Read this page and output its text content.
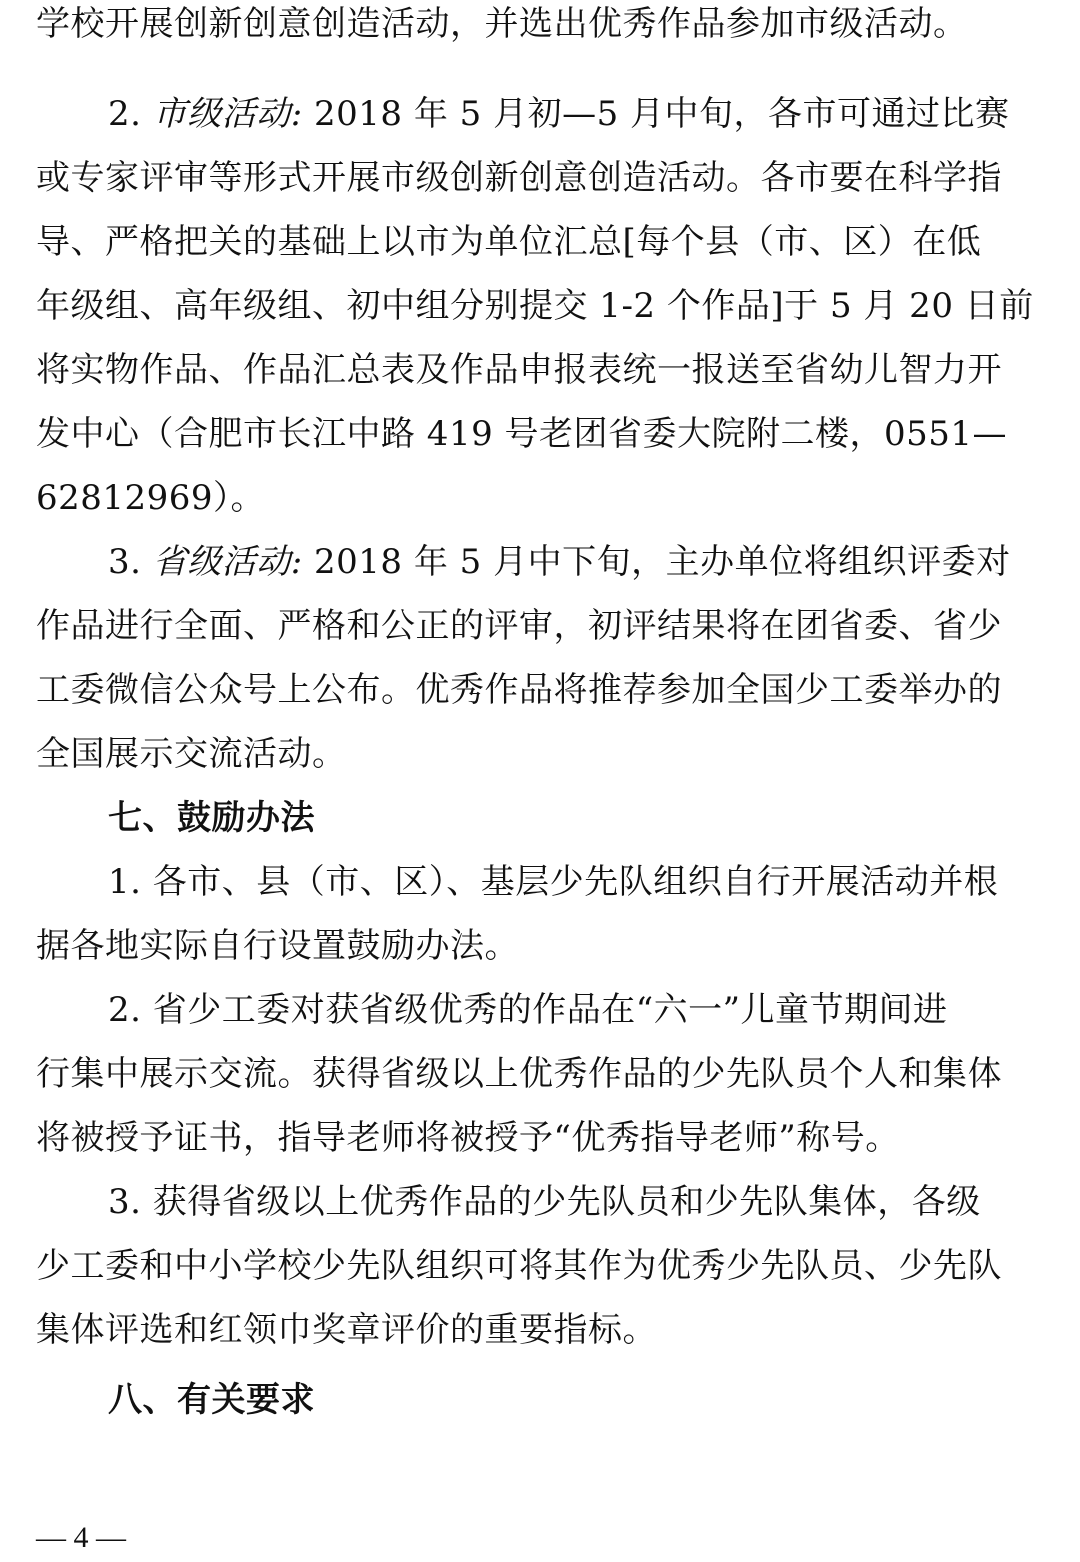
学校开展创新创意创造活动，并选出优秀作品参加市级活动。
2. 市级活动: 2018 年 5 月初—5 月中旬，各市可通过比赛
或专家评审等形式开展市级创新创意创造活动。各市要在科学指
导、严格把关的基础上以市为单位汇总[每个县（市、区）在低
年级组、高年级组、初中组分别提交 1-2 个作品]于 5 月 20 日前
将实物作品、作品汇总表及作品申报表统一报送至省幼儿智力开
发中心（合肥市长江中路 419 号老团省委大院附二楼，0551—
62812969）。
3. 省级活动: 2018 年 5 月中下旬，主办单位将组织评委对
作品进行全面、严格和公正的评审，初评结果将在团省委、省少
工委微信公众号上公布。优秀作品将推荐参加全国少工委举办的
全国展示交流活动。
七、鼓励办法
1. 各市、县（市、区）、基层少先队组织自行开展活动并根
据各地实际自行设置鼓励办法。
2. 省少工委对获省级优秀的作品在“六一”儿童节期间进
行集中展示交流。获得省级以上优秀作品的少先队员个人和集体
将被授予证书，指导老师将被授予“优秀指导老师”称号。
3. 获得省级以上优秀作品的少先队员和少先队集体，各级
少工委和中小学校少先队组织可将其作为优秀少先队员、少先队
集体评选和红领巾奖章评价的重要指标。
八、有关要求
— 4 —
